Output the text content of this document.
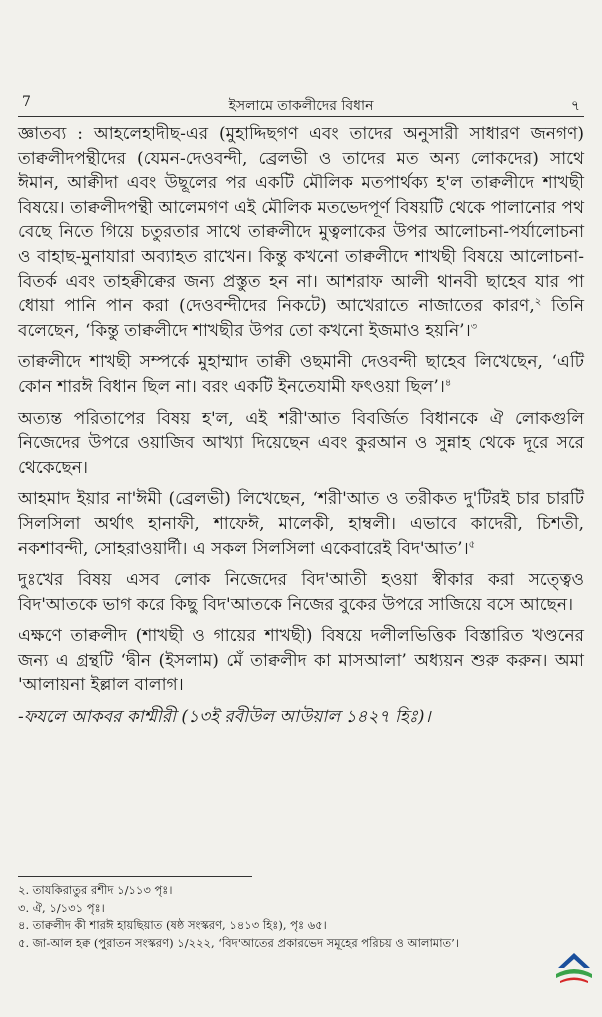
7	ইসলামে তাকলীদের বিধান	৭

জ্ঞাতব্য : আহলেহাদীছ-এর (মুহাদ্দিছগণ এবং তাদের অনুসারী সাধারণ জনগণ) তাক্বলীদপন্থীদের (যেমন-দেওবন্দী, ব্রেলভী ও তাদের মত অন্য লোকদের) সাথে ঈমান, আক্বীদা এবং উছূলের পর একটি মৌলিক মতপার্থক্য হ'ল তাক্বলীদে শাখছী বিষয়ে। তাক্বলীদপন্থী আলেমগণ এই মৌলিক মতভেদপূর্ণ বিষয়টি থেকে পালানোর পথ বেছে নিতে গিয়ে চতুরতার সাথে তাক্বলীদে মুত্বলাকের উপর আলোচনা-পর্যালোচনা ও বাহাছ-মুনাযারা অব্যাহত রাখেন। কিন্তু কখনো তাক্বলীদে শাখছী বিষয়ে আলোচনা-বিতর্ক এবং তাহক্বীক্বের জন্য প্রস্তুত হন না। আশরাফ আলী থানবী ছাহেব যার পা ধোয়া পানি পান করা (দেওবন্দীদের নিকটে) আখেরাতে নাজাতের কারণ,$^২$ তিনি বলেছেন, ‘কিন্তু তাক্বলীদে শাখছীর উপর তো কখনো ইজমাও হয়নি’।$^৩$

তাক্বলীদে শাখছী সম্পর্কে মুহাম্মাদ তাক্বী ওছমানী দেওবন্দী ছাহেব লিখেছেন, ‘এটি কোন শারঈ বিধান ছিল না। বরং একটি ইনতেযামী ফৎওয়া ছিল’।$^৪$

অত্যন্ত পরিতাপের বিষয় হ'ল, এই শরী'আত বিবর্জিত বিধানকে ঐ লোকগুলি নিজেদের উপরে ওয়াজিব আখ্যা দিয়েছেন এবং কুরআন ও সুন্নাহ থেকে দূরে সরে থেকেছেন।

আহমাদ ইয়ার না'ঈমী (ব্রেলভী) লিখেছেন, ‘শরী'আত ও তরীকত দু'টিরই চার চারটি সিলসিলা অর্থাৎ হানাফী, শাফেঈ, মালেকী, হাম্বলী। এভাবে কাদেরী, চিশতী, নকশাবন্দী, সোহরাওয়ার্দী। এ সকল সিলসিলা একেবারেই বিদ'আত’।$^৫$

দুঃখের বিষয় এসব লোক নিজেদের বিদ'আতী হওয়া স্বীকার করা সত্ত্বেও বিদ'আতকে ভাগ করে কিছু বিদ'আতকে নিজের বুকের উপরে সাজিয়ে বসে আছেন।

এক্ষণে তাক্বলীদ (শাখছী ও গায়ের শাখছী) বিষয়ে দলীলভিত্তিক বিস্তারিত খণ্ডনের জন্য এ গ্রন্থটি ‘দ্বীন (ইসলাম) মেঁ তাক্বলীদ কা মাসআলা’ অধ্যয়ন শুরু করুন। অমা 'আলায়না ইল্লাল বালাগ।

-ফযলে আকবর কাশ্মীরী (১৩ই রবীউল আউয়াল ১৪২৭ হিঃ)।

২. তাযকিরাতুর রশীদ ১/১১৩ পৃঃ।
৩. ঐ, ১/১৩১ পৃঃ।
৪. তাক্বলীদ কী শারঈ হায়ছিয়াত (ষষ্ঠ সংস্করণ, ১৪১৩ হিঃ), পৃঃ ৬৫।
৫. জা-আল হক্ব (পুরাতন সংস্করণ) ১/২২২, ‘বিদ'আতের প্রকারভেদ সমূহের পরিচয় ও আলামাত’।
